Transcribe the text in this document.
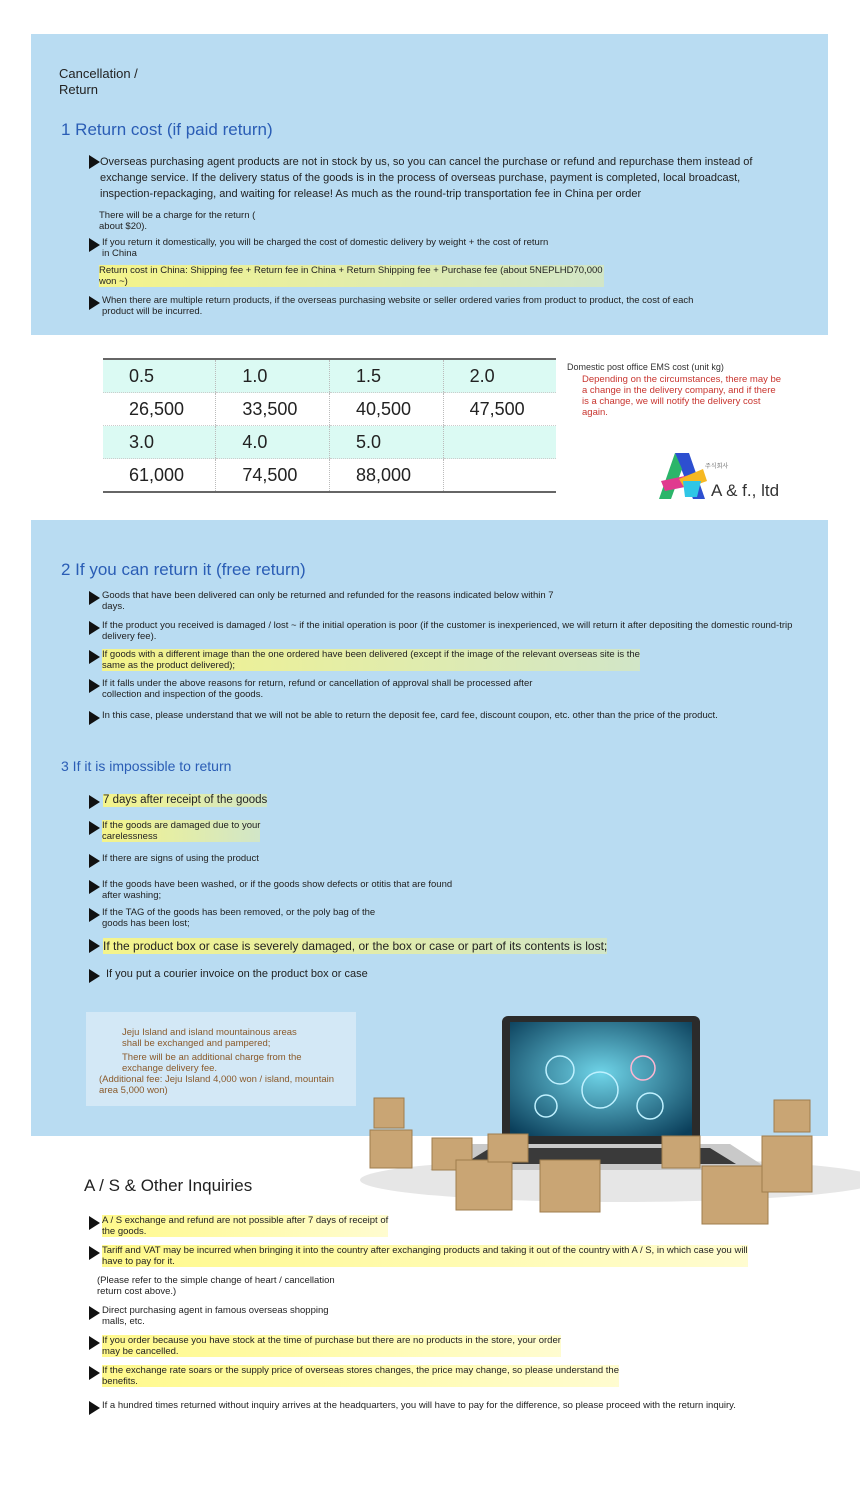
Cancellation /
Return
1 Return cost (if paid return)
Overseas purchasing agent products are not in stock by us, so you can cancel the purchase or refund and repurchase them instead of exchange service. If the delivery status of the goods is in the process of overseas purchase, payment is completed, local broadcast, inspection-repackaging, and waiting for release! As much as the round-trip transportation fee in China per order
There will be a charge for the return (
about $20).
If you return it domestically, you will be charged the cost of domestic delivery by weight + the cost of return
in China
Return cost in China: Shipping fee + Return fee in China + Return Shipping fee + Purchase fee (about 5NEPLHD70,000
won ~)
When there are multiple return products, if the overseas purchasing website or seller ordered varies from product to product, the cost of each
product will be incurred.
0.5	1.0	1.5	2.0
26,500	33,500	40,500	47,500
3.0	4.0	5.0	
61,000	74,500	88,000	
Domestic post office EMS cost (unit kg)
Depending on the circumstances, there may be a change in the delivery company, and if there is a change, we will notify the delivery cost again.
주식회사
A & f., ltd
2 If you can return it (free return)
Goods that have been delivered can only be returned and refunded for the reasons indicated below within 7
days.
If the product you received is damaged / lost ~ if the initial operation is poor (if the customer is inexperienced, we will return it after depositing the domestic round-trip
delivery fee).
If goods with a different image than the one ordered have been delivered (except if the image of the relevant overseas site is the
same as the product delivered);
If it falls under the above reasons for return, refund or cancellation of approval shall be processed after
collection and inspection of the goods.
In this case, please understand that we will not be able to return the deposit fee, card fee, discount coupon, etc. other than the price of the product.
3 If it is impossible to return
7 days after receipt of the goods
If the goods are damaged due to your
carelessness
If there are signs of using the product
If the goods have been washed, or if the goods show defects or otitis that are found
after washing;
If the TAG of the goods has been removed, or the poly bag of the
goods has been lost;
If the product box or case is severely damaged, or the box or case or part of its contents is lost;
If you put a courier invoice on the product box or case
Jeju Island and island mountainous areas
shall be exchanged and pampered;
There will be an additional charge from the
exchange delivery fee.
(Additional fee: Jeju Island 4,000 won / island, mountain
area 5,000 won)
A / S & Other Inquiries
A / S exchange and refund are not possible after 7 days of receipt of
the goods.
Tariff and VAT may be incurred when bringing it into the country after exchanging products and taking it out of the country with A / S, in which case you will
have to pay for it.
(Please refer to the simple change of heart / cancellation
return cost above.)
Direct purchasing agent in famous overseas shopping
malls, etc.
If you order because you have stock at the time of purchase but there are no products in the store, your order
may be cancelled.
If the exchange rate soars or the supply price of overseas stores changes, the price may change, so please understand the
benefits.
If a hundred times returned without inquiry arrives at the headquarters, you will have to pay for the difference, so please proceed with the return inquiry.
